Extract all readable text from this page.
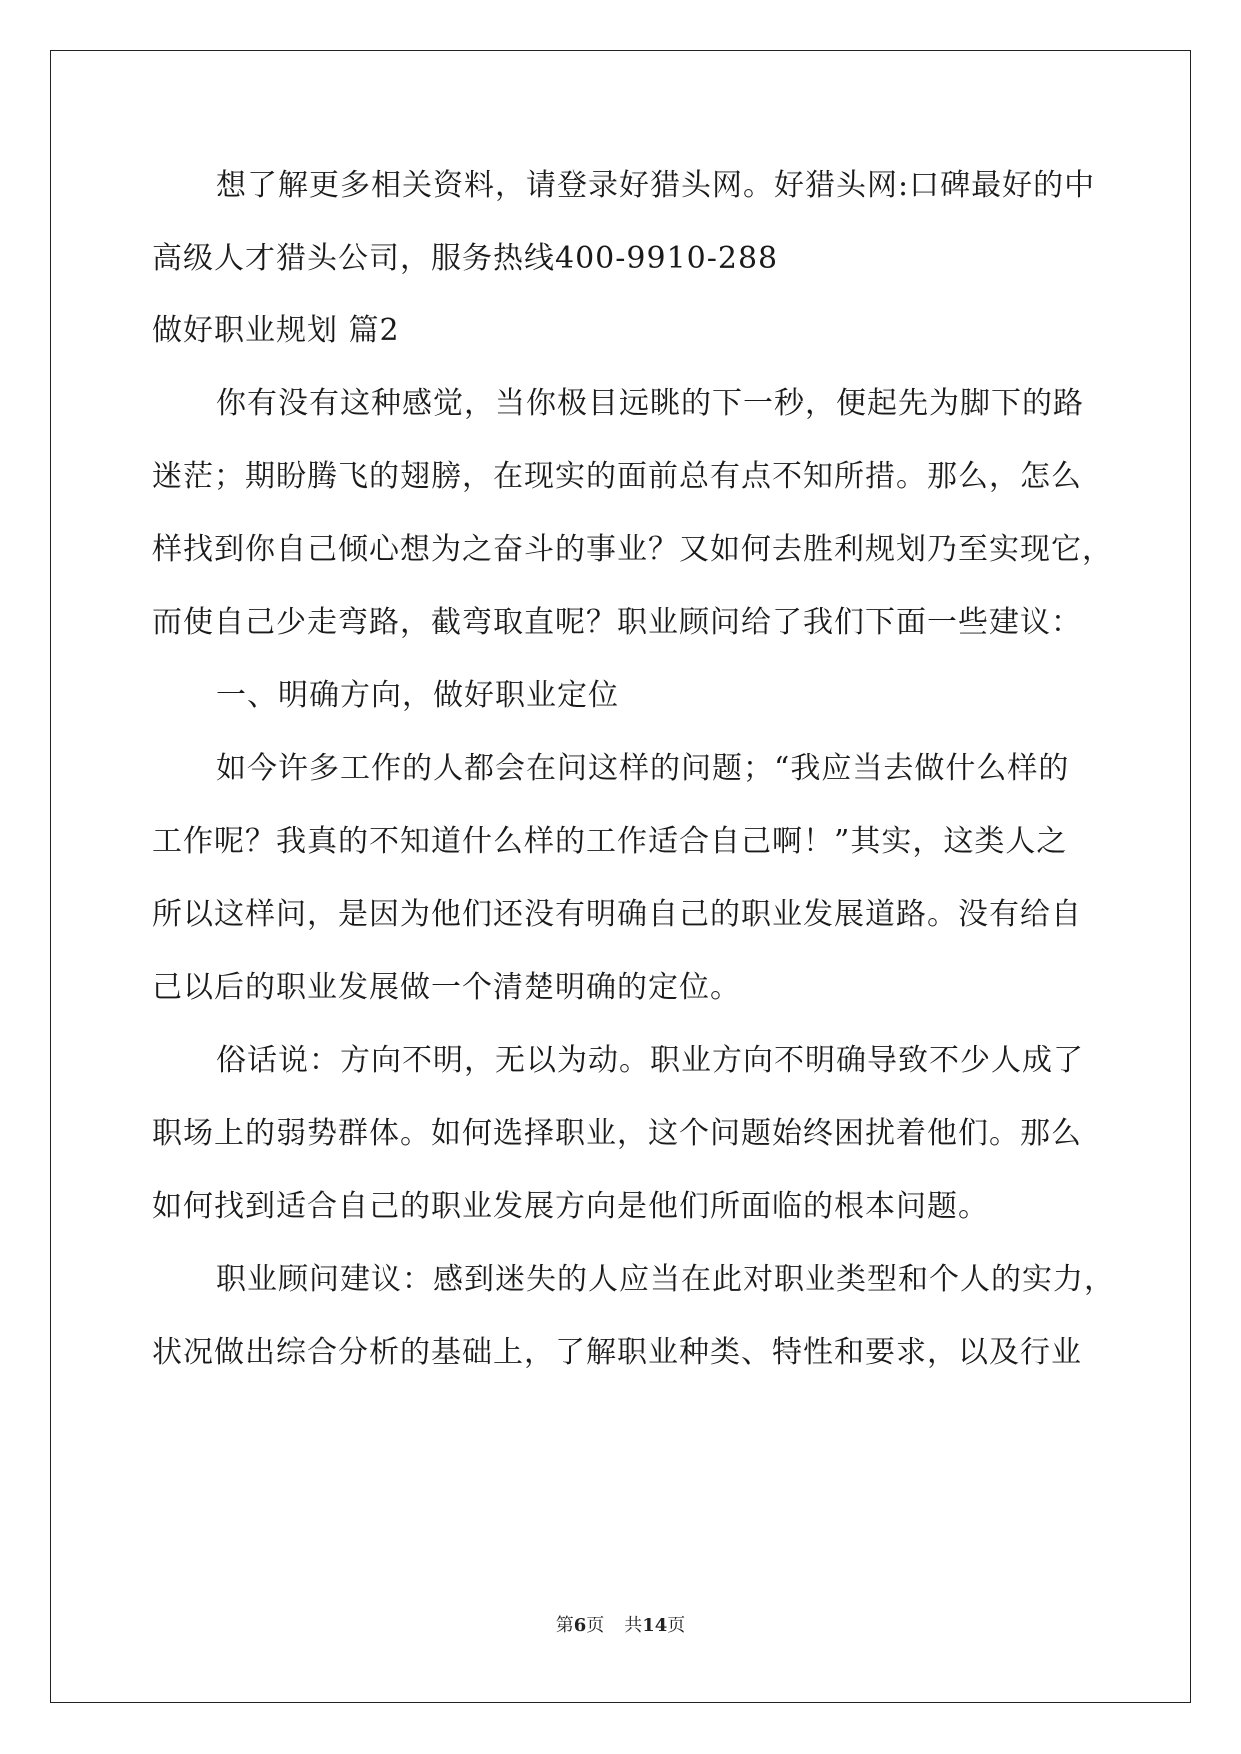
想了解更多相关资料，请登录好猎头网。好猎头网:口碑最好的中
高级人才猎头公司，服务热线400-9910-288
做好职业规划 篇2
你有没有这种感觉，当你极目远眺的下一秒，便起先为脚下的路
迷茫；期盼腾飞的翅膀，在现实的面前总有点不知所措。那么，怎么
样找到你自己倾心想为之奋斗的事业？又如何去胜利规划乃至实现它，
而使自己少走弯路，截弯取直呢？职业顾问给了我们下面一些建议：
一、明确方向，做好职业定位
如今许多工作的人都会在问这样的问题；“我应当去做什么样的
工作呢？我真的不知道什么样的工作适合自己啊！”其实，这类人之
所以这样问，是因为他们还没有明确自己的职业发展道路。没有给自
己以后的职业发展做一个清楚明确的定位。
俗话说：方向不明，无以为动。职业方向不明确导致不少人成了
职场上的弱势群体。如何选择职业，这个问题始终困扰着他们。那么
如何找到适合自己的职业发展方向是他们所面临的根本问题。
职业顾问建议：感到迷失的人应当在此对职业类型和个人的实力，
状况做出综合分析的基础上，了解职业种类、特性和要求，以及行业
第6页 共14页
